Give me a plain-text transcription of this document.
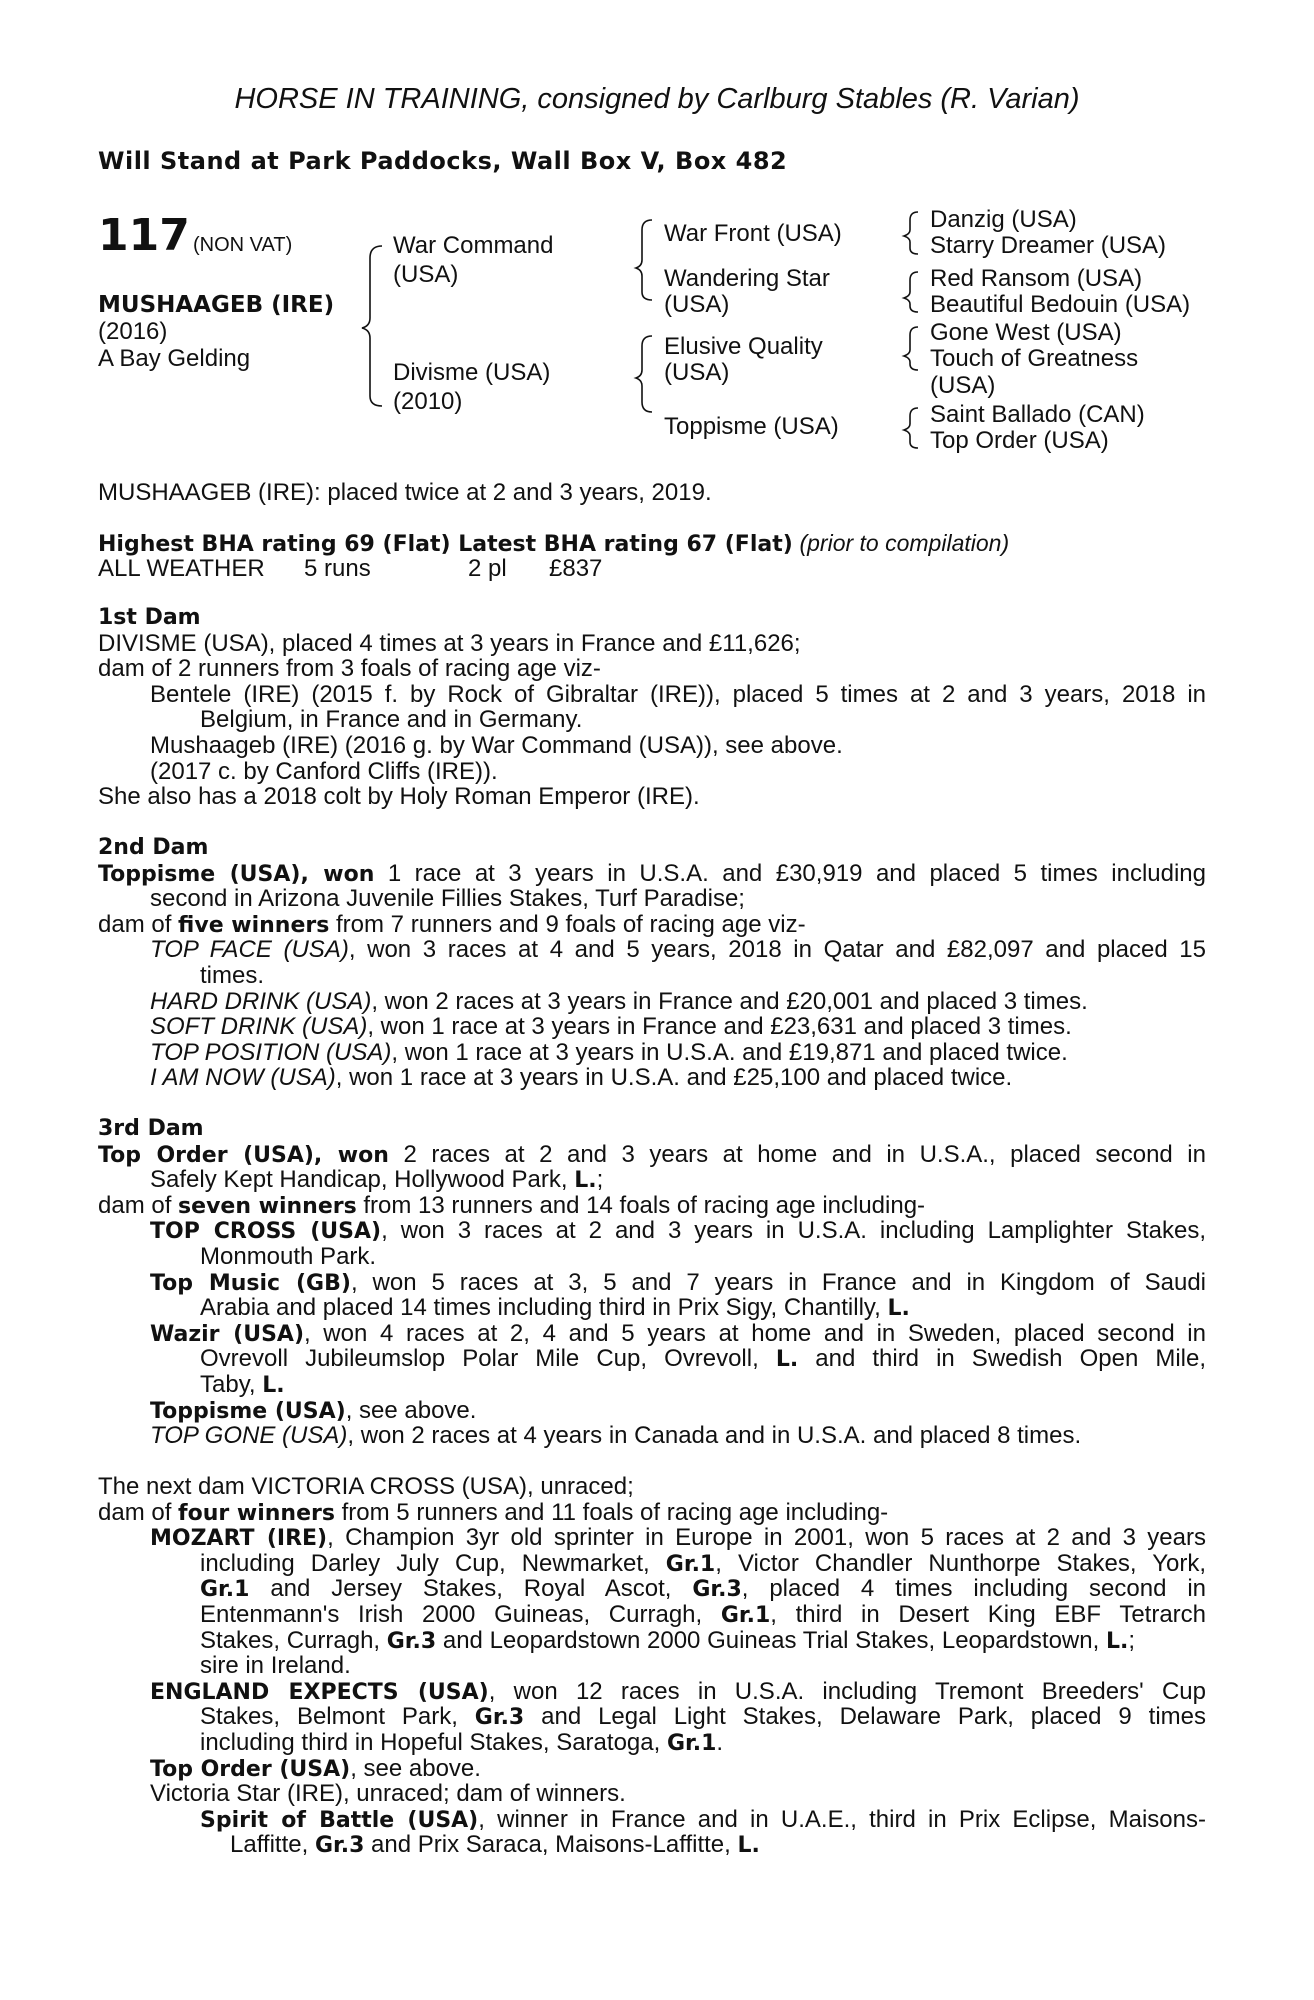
HORSE IN TRAINING, consigned by Carlburg Stables (R. Varian)
Will Stand at Park Paddocks, Wall Box V, Box 482
117 (NON VAT)
MUSHAAGEB (IRE)
(2016)
A Bay Gelding
War Command
(USA)
Divisme (USA)
(2010)
War Front (USA)
Wandering Star
(USA)
Elusive Quality
(USA)
Toppisme (USA)
Danzig (USA)
Starry Dreamer (USA)
Red Ransom (USA)
Beautiful Bedouin (USA)
Gone West (USA)
Touch of Greatness
(USA)
Saint Ballado (CAN)
Top Order (USA)
MUSHAAGEB (IRE): placed twice at 2 and 3 years, 2019.
Highest BHA rating 69 (Flat) Latest BHA rating 67 (Flat) (prior to compilation)
ALL WEATHER 5 runs	2 pl £837
1st Dam
DIVISME (USA), placed 4 times at 3 years in France and £11,626;
dam of 2 runners from 3 foals of racing age viz-
Bentele (IRE) (2015 f. by Rock of Gibraltar (IRE)), placed 5 times at 2 and 3 years, 2018 in
Belgium, in France and in Germany.
Mushaageb (IRE) (2016 g. by War Command (USA)), see above.
(2017 c. by Canford Cliffs (IRE)).
She also has a 2018 colt by Holy Roman Emperor (IRE).
2nd Dam
Toppisme (USA), won 1 race at 3 years in U.S.A. and £30,919 and placed 5 times including
second in Arizona Juvenile Fillies Stakes, Turf Paradise;
dam of five winners from 7 runners and 9 foals of racing age viz-
TOP FACE (USA), won 3 races at 4 and 5 years, 2018 in Qatar and £82,097 and placed 15
times.
HARD DRINK (USA), won 2 races at 3 years in France and £20,001 and placed 3 times.
SOFT DRINK (USA), won 1 race at 3 years in France and £23,631 and placed 3 times.
TOP POSITION (USA), won 1 race at 3 years in U.S.A. and £19,871 and placed twice.
I AM NOW (USA), won 1 race at 3 years in U.S.A. and £25,100 and placed twice.
3rd Dam
Top Order (USA), won 2 races at 2 and 3 years at home and in U.S.A., placed second in
Safely Kept Handicap, Hollywood Park, L.;
dam of seven winners from 13 runners and 14 foals of racing age including-
TOP CROSS (USA), won 3 races at 2 and 3 years in U.S.A. including Lamplighter Stakes,
Monmouth Park.
Top Music (GB), won 5 races at 3, 5 and 7 years in France and in Kingdom of Saudi
Arabia and placed 14 times including third in Prix Sigy, Chantilly, L.
Wazir (USA), won 4 races at 2, 4 and 5 years at home and in Sweden, placed second in
Ovrevoll Jubileumslop Polar Mile Cup, Ovrevoll, L. and third in Swedish Open Mile,
Taby, L.
Toppisme (USA), see above.
TOP GONE (USA), won 2 races at 4 years in Canada and in U.S.A. and placed 8 times.
The next dam VICTORIA CROSS (USA), unraced;
dam of four winners from 5 runners and 11 foals of racing age including-
MOZART (IRE), Champion 3yr old sprinter in Europe in 2001, won 5 races at 2 and 3 years
including Darley July Cup, Newmarket, Gr.1, Victor Chandler Nunthorpe Stakes, York,
Gr.1 and Jersey Stakes, Royal Ascot, Gr.3, placed 4 times including second in
Entenmann's Irish 2000 Guineas, Curragh, Gr.1, third in Desert King EBF Tetrarch
Stakes, Curragh, Gr.3 and Leopardstown 2000 Guineas Trial Stakes, Leopardstown, L.;
sire in Ireland.
ENGLAND EXPECTS (USA), won 12 races in U.S.A. including Tremont Breeders' Cup
Stakes, Belmont Park, Gr.3 and Legal Light Stakes, Delaware Park, placed 9 times
including third in Hopeful Stakes, Saratoga, Gr.1.
Top Order (USA), see above.
Victoria Star (IRE), unraced; dam of winners.
Spirit of Battle (USA), winner in France and in U.A.E., third in Prix Eclipse, Maisons-
Laffitte, Gr.3 and Prix Saraca, Maisons-Laffitte, L.
